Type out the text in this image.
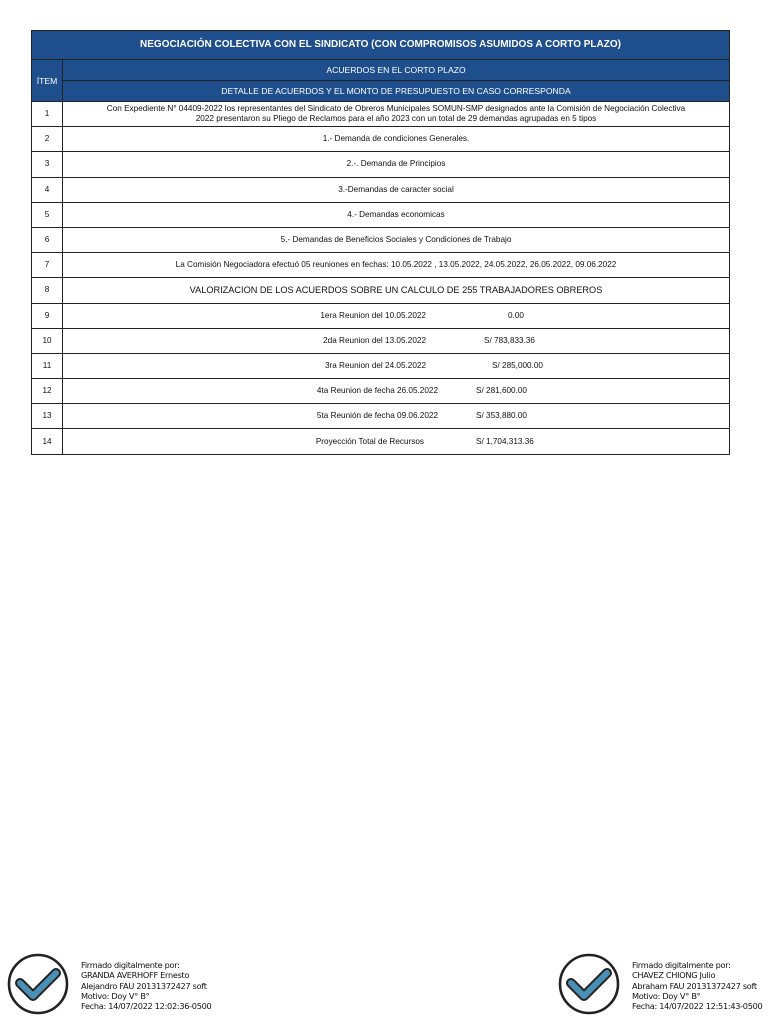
NEGOCIACIÓN COLECTIVA CON EL SINDICATO (CON COMPROMISOS ASUMIDOS A CORTO PLAZO)	
ÍTEM	ACUERDOS EN EL CORTO PLAZO
	DETALLE DE ACUERDOS Y EL MONTO DE PRESUPUESTO EN CASO CORRESPONDA
1	Con Expediente N° 04409-2022 los representantes del Sindicato de Obreros Municipales SOMUN-SMP designados ante la Comisión de Negociación Colectiva
2022 presentaron su Pliego de Reclamos para el año 2023 con un total de 29 demandas agrupadas en 5 tipos

2	1.- Demanda de condiciones Generales.
3	2.-. Demanda de Principios
4	3.-Demandas de caracter social
5	4.- Demandas economicas
6	5.- Demandas de Beneficios Sociales y Condiciones de Trabajo
7	La Comisión Negociadora efectuó 05 reuniones en fechas: 10.05.2022 , 13.05.2022, 24.05.2022, 26.05.2022, 09.06.2022
8	VALORIZACION DE LOS ACUERDOS SOBRE UN CALCULO DE 255 TRABAJADORES OBREROS
9	1era Reunion del 10.05.2022 0.00
10	2da Reunion del 13.05.2022 S/ 783,833.36
11	3ra Reunion del 24.05.2022 S/ 285,000.00
12	4ta Reunion de fecha 26.05.2022 S/ 281,600.00
13	5ta Reunión de fecha 09.06.2022 S/ 353,880.00
14	Proyección Total de Recursos S/ 1,704,313.36
Firmado digitalmente por:
GRANDA AVERHOFF Ernesto
Alejandro FAU 20131372427 soft
Motivo: Doy V° B°
Fecha: 14/07/2022 12:02:36-0500
Firmado digitalmente por:
CHAVEZ CHIONG Julio
Abraham FAU 20131372427 soft
Motivo: Doy V° B°
Fecha: 14/07/2022 12:51:43-0500
